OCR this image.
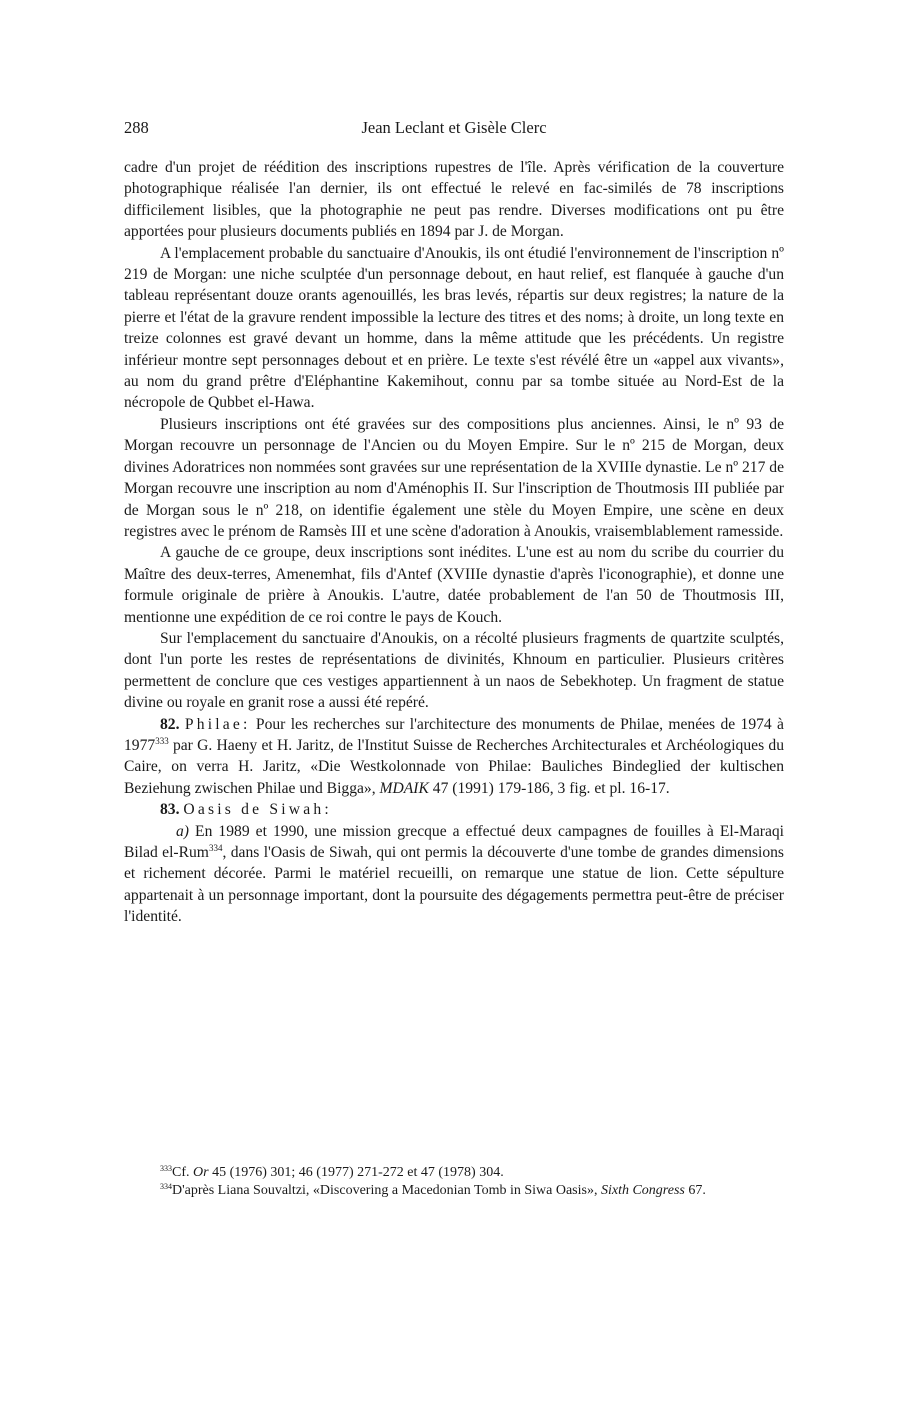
288	Jean Leclant et Gisèle Clerc

cadre d'un projet de réédition des inscriptions rupestres de l'île. Après vérification de la couverture photographique réalisée l'an dernier, ils ont effectué le relevé en fac-similés de 78 inscriptions difficilement lisibles, que la photographie ne peut pas rendre. Diverses modifications ont pu être apportées pour plusieurs documents publiés en 1894 par J. de Morgan.

A l'emplacement probable du sanctuaire d'Anoukis, ils ont étudié l'environnement de l'inscription nº 219 de Morgan: une niche sculptée d'un personnage debout, en haut relief, est flanquée à gauche d'un tableau représentant douze orants agenouillés, les bras levés, répartis sur deux registres; la nature de la pierre et l'état de la gravure rendent impossible la lecture des titres et des noms; à droite, un long texte en treize colonnes est gravé devant un homme, dans la même attitude que les précédents. Un registre inférieur montre sept personnages debout et en prière. Le texte s'est révélé être un «appel aux vivants», au nom du grand prêtre d'Eléphantine Kakemihout, connu par sa tombe située au Nord-Est de la nécropole de Qubbet el-Hawa.

Plusieurs inscriptions ont été gravées sur des compositions plus anciennes. Ainsi, le nº 93 de Morgan recouvre un personnage de l'Ancien ou du Moyen Empire. Sur le nº 215 de Morgan, deux divines Adoratrices non nommées sont gravées sur une représentation de la XVIIIe dynastie. Le nº 217 de Morgan recouvre une inscription au nom d'Aménophis II. Sur l'inscription de Thoutmosis III publiée par de Morgan sous le nº 218, on identifie également une stèle du Moyen Empire, une scène en deux registres avec le prénom de Ramsès III et une scène d'adoration à Anoukis, vraisemblablement ramesside.

A gauche de ce groupe, deux inscriptions sont inédites. L'une est au nom du scribe du courrier du Maître des deux-terres, Amenemhat, fils d'Antef (XVIIIe dynastie d'après l'iconographie), et donne une formule originale de prière à Anoukis. L'autre, datée probablement de l'an 50 de Thoutmosis III, mentionne une expédition de ce roi contre le pays de Kouch.

Sur l'emplacement du sanctuaire d'Anoukis, on a récolté plusieurs fragments de quartzite sculptés, dont l'un porte les restes de représentations de divinités, Khnoum en particulier. Plusieurs critères permettent de conclure que ces vestiges appartiennent à un naos de Sebekhotep. Un fragment de statue divine ou royale en granit rose a aussi été repéré.

82. Philae: Pour les recherches sur l'architecture des monuments de Philae, menées de 1974 à 1977$^{333}$ par G. Haeny et H. Jaritz, de l'Institut Suisse de Recherches Architecturales et Archéologiques du Caire, on verra H. Jaritz, «Die Westkolonnade von Philae: Bauliches Bindeglied der kultischen Beziehung zwischen Philae und Bigga», MDAIK 47 (1991) 179-186, 3 fig. et pl. 16-17.

83. Oasis de Siwah:

a) En 1989 et 1990, une mission grecque a effectué deux campagnes de fouilles à El-Maraqi Bilad el-Rum$^{334}$, dans l'Oasis de Siwah, qui ont permis la découverte d'une tombe de grandes dimensions et richement décorée. Parmi le matériel recueilli, on remarque une statue de lion. Cette sépulture appartenait à un personnage important, dont la poursuite des dégagements permettra peut-être de préciser l'identité.

$^{333}$Cf. Or 45 (1976) 301; 46 (1977) 271-272 et 47 (1978) 304.

$^{334}$D'après Liana Souvaltzi, «Discovering a Macedonian Tomb in Siwa Oasis», Sixth Congress 67.
